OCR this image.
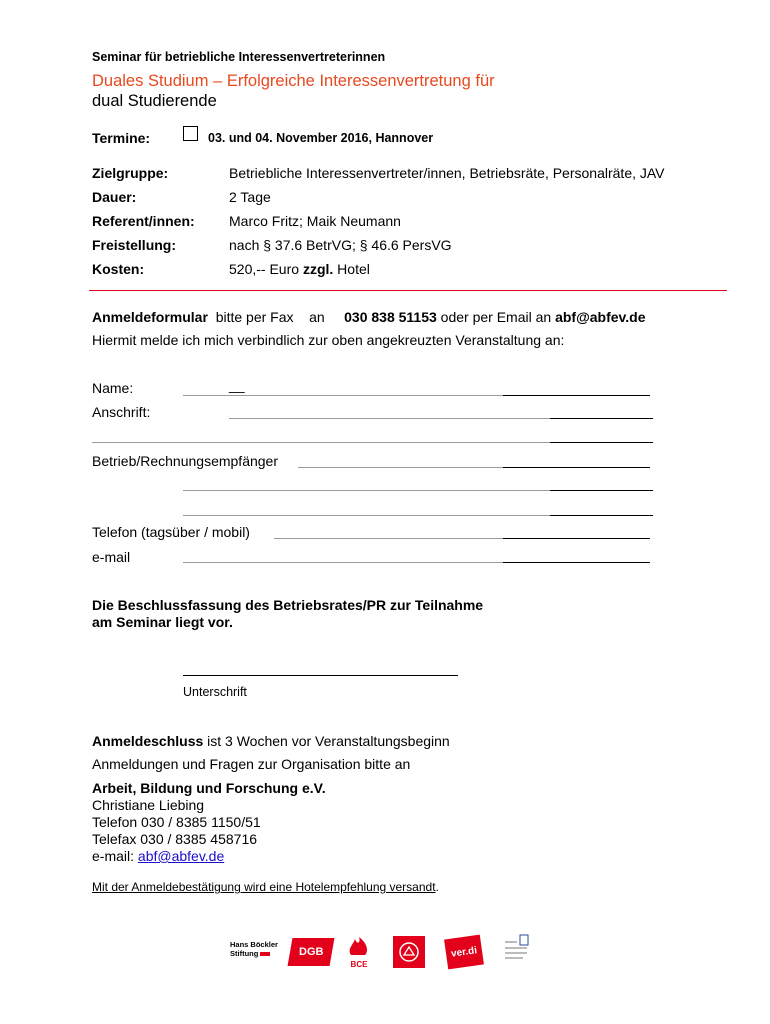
Seminar für betriebliche Interessenvertreterinnen
Duales Studium – Erfolgreiche Interessenvertretung für
dual Studierende
Termine:	03. und 04. November 2016, Hannover
Zielgruppe:	Betriebliche Interessenvertreter/innen, Betriebsräte, Personalräte, JAV
Dauer:	2 Tage
Referent/innen: Marco Fritz; Maik Neumann
Freistellung:	nach § 37.6 BetrVG; § 46.6 PersVG
Kosten:	520,-- Euro zzgl. Hotel
Anmeldeformular bitte per Fax an 030 838 51153 oder per Email an abf@abfev.de
Hiermit melde ich mich verbindlich zur oben angekreuzten Veranstaltung an:
Name:	__
Anschrift:
Betrieb/Rechnungsempfänger
Telefon (tagsüber / mobil)
e-mail
Die Beschlussfassung des Betriebsrates/PR zur Teilnahme
am Seminar liegt vor.
Unterschrift
Anmeldeschluss ist 3 Wochen vor Veranstaltungsbeginn
Anmeldungen und Fragen zur Organisation bitte an
Arbeit, Bildung und Forschung e.V.
Christiane Liebing
Telefon 030 / 8385 1150/51
Telefax 030 / 8385 458716
e-mail: abf@abfev.de
Mit der Anmeldebestätigung wird eine Hotelempfehlung versandt.
Hans Böckler
Stiftung	DGB
BCE
ver.di
